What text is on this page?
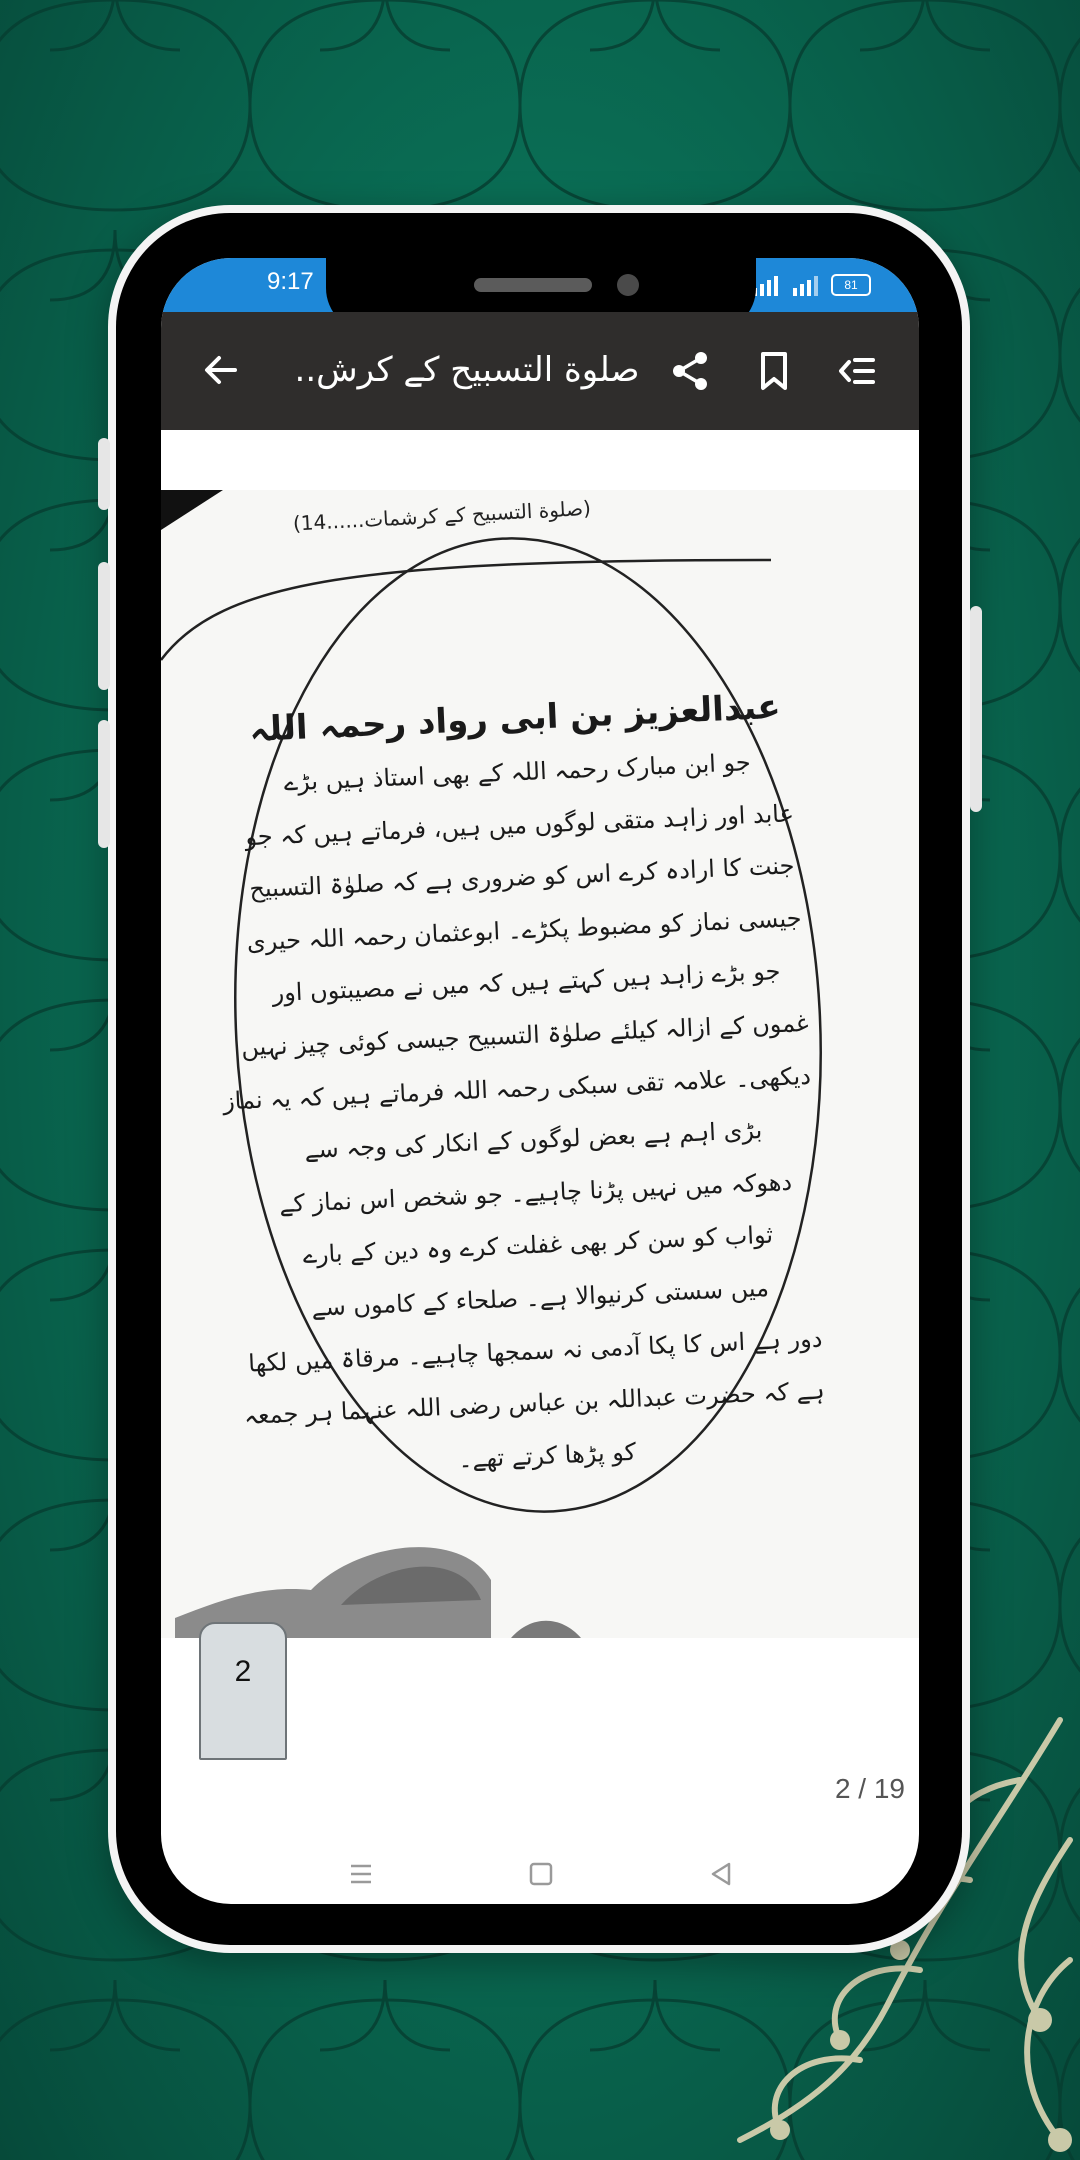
9:17	81
صلوة التسبیح کے کرش..
(صلوة التسبیح کے کرشمات......14)
عبدالعزیز بن ابی رواد رحمہ اللہ
جو ابن مبارک رحمہ اللہ کے بھی استاذ ہیں بڑے
عابد اور زاہد متقی لوگوں میں ہیں، فرماتے ہیں کہ جو
جنت کا ارادہ کرے اس کو ضروری ہے کہ صلوٰۃ التسبیح
جیسی نماز کو مضبوط پکڑے۔ ابوعثمان رحمہ اللہ حیری
جو بڑے زاہد ہیں کہتے ہیں کہ میں نے مصیبتوں اور
غموں کے ازالہ کیلئے صلوٰۃ التسبیح جیسی کوئی چیز نہیں
دیکھی۔ علامہ تقی سبکی رحمہ اللہ فرماتے ہیں کہ یہ نماز
بڑی اہم ہے بعض لوگوں کے انکار کی وجہ سے
دھوکہ میں نہیں پڑنا چاہیے۔ جو شخص اس نماز کے
ثواب کو سن کر بھی غفلت کرے وہ دین کے بارے
میں سستی کرنیوالا ہے۔ صلحاء کے کاموں سے
دور ہے اس کا پکا آدمی نہ سمجھا چاہیے۔ مرقاۃ میں لکھا
ہے کہ حضرت عبداللہ بن عباس رضی اللہ عنہما ہر جمعہ
کو پڑھا کرتے تھے۔
2
2 / 19
